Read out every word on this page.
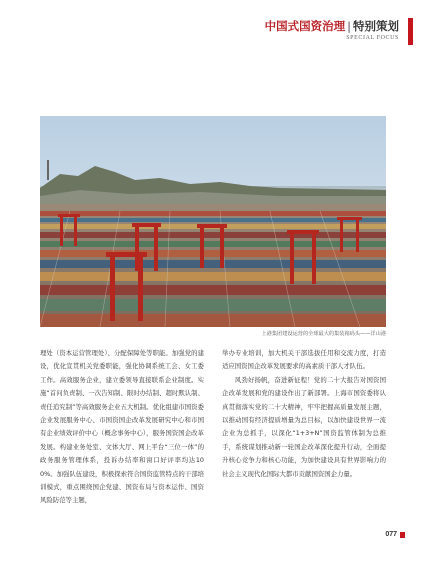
中国式国资治理 | 特别策划
SPECIAL FOCUS
上港集团建设运营的全球最大的集装箱码头——洋山港

理处（资本运营管理处）、分配保障处等职能。加强党的建设，优化宣贯机关党委职能，强化协调系统工会、女工委工作。高效服务企业，建立委领导直接联系企业制度。实施“首问负责制、一次告知制、限时办结制、超时默认制、责任追究制”等高效服务企业五大机制。优化组建市国资委企业发展服务中心、市国资国企改革发展研究中心和市国有企业绩效评价中心（概念事务中心），服务国资国企改革发展。构建业务处室、文体大厅、网上平台“三位一体”的政务服务管理体系，投诉办结率和窗口好评率均达100%。加强队伍建设，积极探索符合国资监管特点的干部培训模式，重点围绕国企党建、国资布局与资本运作、国资风险防范等主题，

举办专业培训，加大机关干部选拔任用和交流力度，打造适应国资国企改革发展要求的高素质干部人才队伍。

风劲好扬帆，奋进新征程！党的二十大报告对国资国企改革发展和党的建设作出了新部署。上海市国资委将认真贯彻落实党的二十大精神，牢牢把握高质量发展主题，以推动国有经济提质增量为总目标，以加快建设世界一流企业为总抓手，以深化“1+3+N”国资监管体制为总推手，系统谋划推动新一轮国企改革深化提升行动，全面提升核心竞争力和核心功能，为加快建设具有世界影响力的社会主义现代化国际大都市贡献国资国企力量。

077
